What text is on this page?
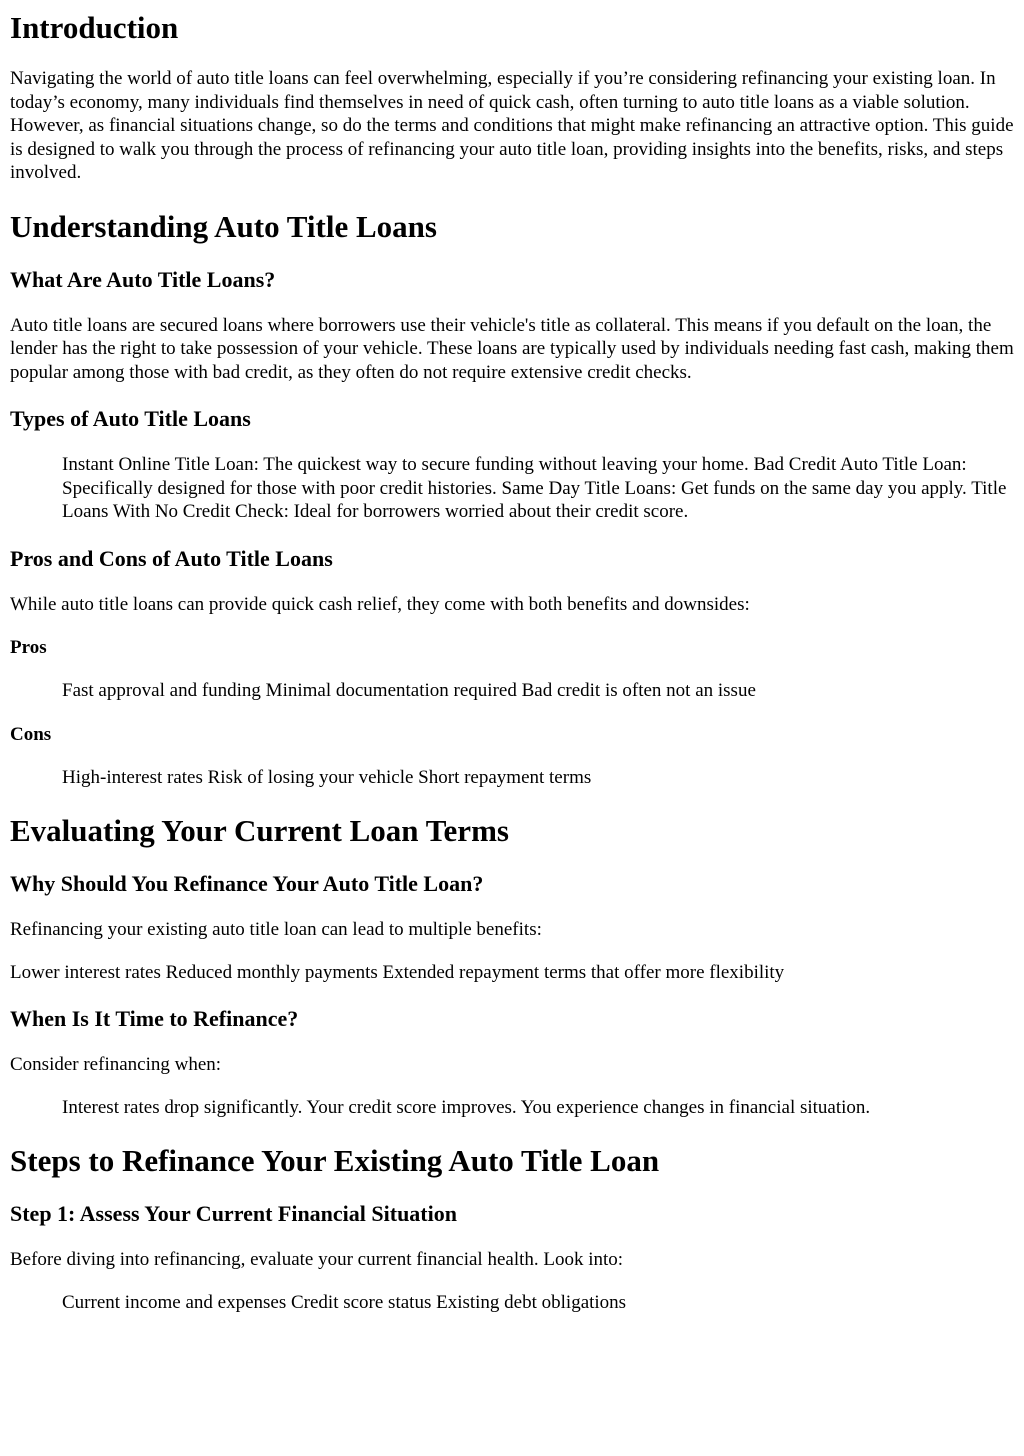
Introduction

Navigating the world of auto title loans can feel overwhelming, especially if you’re considering refinancing your existing loan. In today’s economy, many individuals find themselves in need of quick cash, often turning to auto title loans as a viable solution. However, as financial situations change, so do the terms and conditions that might make refinancing an attractive option. This guide is designed to walk you through the process of refinancing your auto title loan, providing insights into the benefits, risks, and steps involved.

Understanding Auto Title Loans
What Are Auto Title Loans?

Auto title loans are secured loans where borrowers use their vehicle's title as collateral. This means if you default on the loan, the lender has the right to take possession of your vehicle. These loans are typically used by individuals needing fast cash, making them popular among those with bad credit, as they often do not require extensive credit checks.

Types of Auto Title Loans
Instant Online Title Loan: The quickest way to secure funding without leaving your home. Bad Credit Auto Title Loan: Specifically designed for those with poor credit histories. Same Day Title Loans: Get funds on the same day you apply. Title Loans With No Credit Check: Ideal for borrowers worried about their credit score.
Pros and Cons of Auto Title Loans

While auto title loans can provide quick cash relief, they come with both benefits and downsides:

Pros
Fast approval and funding Minimal documentation required Bad credit is often not an issue
Cons
High-interest rates Risk of losing your vehicle Short repayment terms
Evaluating Your Current Loan Terms
Why Should You Refinance Your Auto Title Loan?

Refinancing your existing auto title loan can lead to multiple benefits:

Lower interest rates Reduced monthly payments Extended repayment terms that offer more flexibility

When Is It Time to Refinance?

Consider refinancing when:

Interest rates drop significantly. Your credit score improves. You experience changes in financial situation.
Steps to Refinance Your Existing Auto Title Loan
Step 1: Assess Your Current Financial Situation

Before diving into refinancing, evaluate your current financial health. Look into:

Current income and expenses Credit score status Existing debt obligations
